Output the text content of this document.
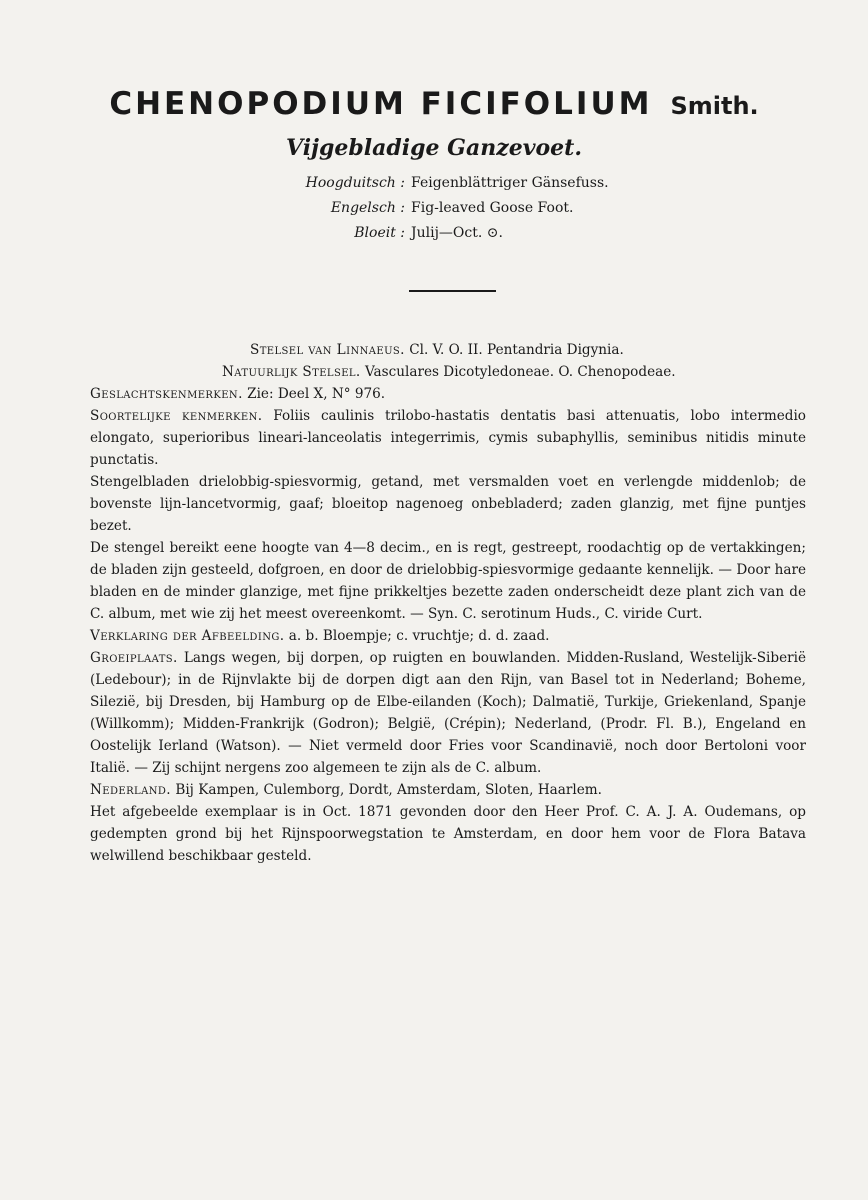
CHENOPODIUM FICIFOLIUM Smith.
Vijgebladige Ganzevoet.
Hoogduitsch : Feigenblättriger Gänsefuss.
Engelsch : Fig-leaved Goose Foot.
Bloeit : Julij—Oct. ⊙.

Stelsel van Linnaeus. Cl. V. O. II. Pentandria Digynia.

Natuurlijk Stelsel. Vasculares Dicotyledoneae. O. Chenopodeae.

Geslachtskenmerken. Zie: Deel X, N° 976.

Soortelijke kenmerken. Foliis caulinis trilobo-hastatis dentatis basi attenuatis, lobo intermedio elongato, superioribus lineari-lanceolatis integerrimis, cymis subaphyllis, seminibus nitidis minute punctatis.

Stengelbladen drielobbig-spiesvormig, getand, met versmalden voet en verlengde middenlob; de bovenste lijn-lancetvormig, gaaf; bloeitop nagenoeg onbebladerd; zaden glanzig, met fijne puntjes bezet.

De stengel bereikt eene hoogte van 4—8 decim., en is regt, gestreept, roodachtig op de vertakkingen; de bladen zijn gesteeld, dofgroen, en door de drielobbig-spiesvormige gedaante kennelijk. — Door hare bladen en de minder glanzige, met fijne prikkeltjes bezette zaden onderscheidt deze plant zich van de C. album, met wie zij het meest overeenkomt. — Syn. C. serotinum Huds., C. viride Curt.

Verklaring der Afbeelding. a. b. Bloempje; c. vruchtje; d. d. zaad.

Groeiplaats. Langs wegen, bij dorpen, op ruigten en bouwlanden. Midden-Rusland, Westelijk-Siberië (Ledebour); in de Rijnvlakte bij de dorpen digt aan den Rijn, van Basel tot in Nederland; Boheme, Silezië, bij Dresden, bij Hamburg op de Elbe-eilanden (Koch); Dalmatië, Turkije, Griekenland, Spanje (Willkomm); Midden-Frankrijk (Godron); België, (Crépin); Nederland, (Prodr. Fl. B.), Engeland en Oostelijk Ierland (Watson). — Niet vermeld door Fries voor Scandinavië, noch door Bertoloni voor Italië. — Zij schijnt nergens zoo algemeen te zijn als de C. album.

Nederland. Bij Kampen, Culemborg, Dordt, Amsterdam, Sloten, Haarlem.

Het afgebeelde exemplaar is in Oct. 1871 gevonden door den Heer Prof. C. A. J. A. Oudemans, op gedempten grond bij het Rijnspoorwegstation te Amsterdam, en door hem voor de Flora Batava welwillend beschikbaar gesteld.
